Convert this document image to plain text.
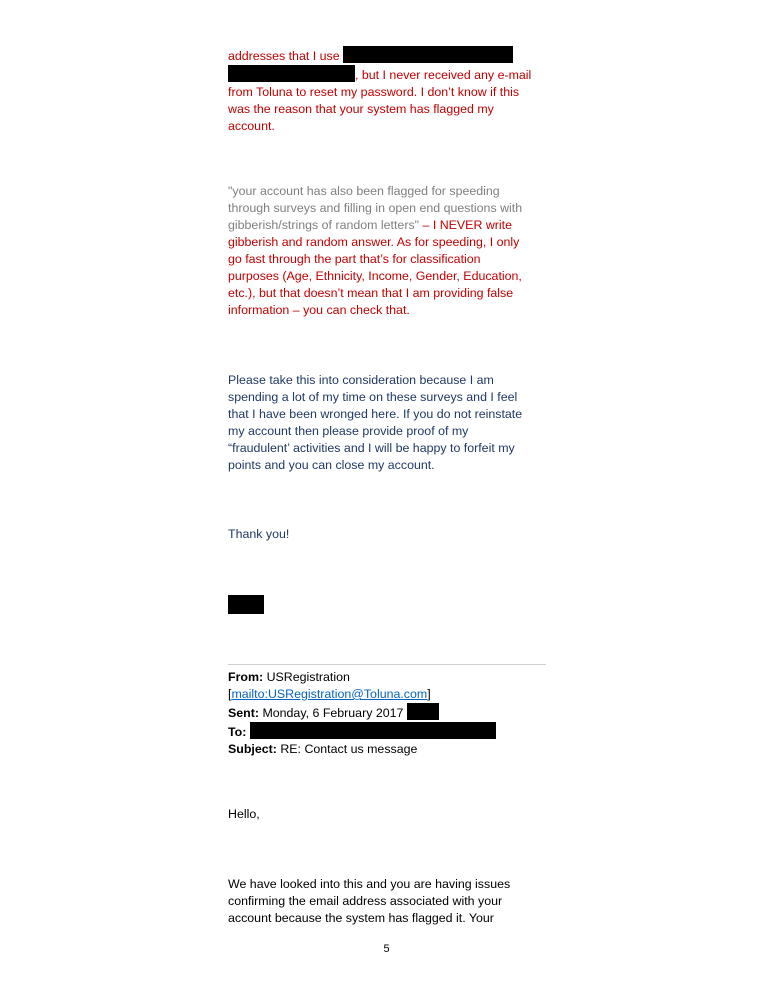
addresses that I use

, but I never received any e-mail

from Toluna to reset my password. I don’t know if this

was the reason that your system has flagged my

account.

"your account has also been flagged for speeding

through surveys and filling in open end questions with

gibberish/strings of random letters" – I NEVER write

gibberish and random answer. As for speeding, I only

go fast through the part that’s for classification

purposes (Age, Ethnicity, Income, Gender, Education,

etc.), but that doesn’t mean that I am providing false

information – you can check that.

Please take this into consideration because I am

spending a lot of my time on these surveys and I feel

that I have been wronged here. If you do not reinstate

my account then please provide proof of my

“fraudulent’ activities and I will be happy to forfeit my

points and you can close my account.

Thank you!

From: USRegistration

[mailto:USRegistration@Toluna.com]

Sent: Monday, 6 February 2017

To:

Subject: RE: Contact us message

Hello,

We have looked into this and you are having issues

confirming the email address associated with your

account because the system has flagged it. Your

5
